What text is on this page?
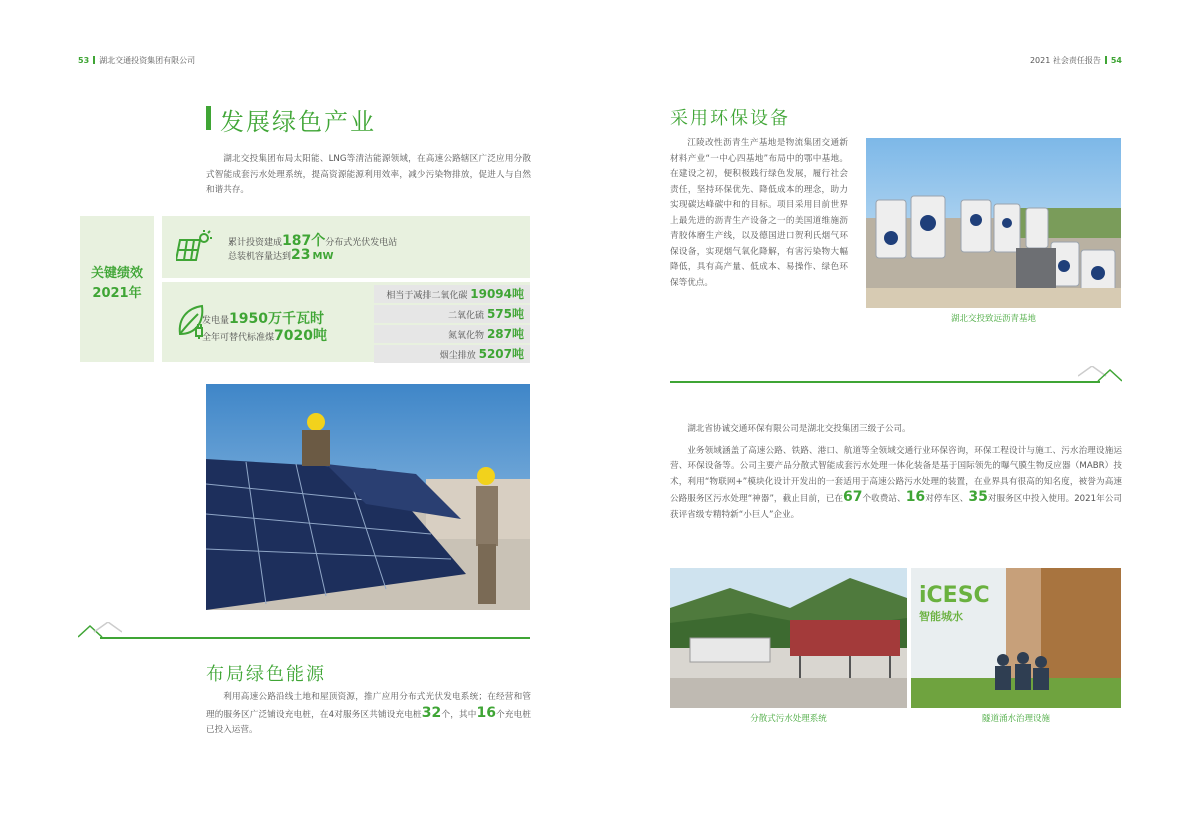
53 湖北交通投资集团有限公司	2021 社会责任报告 54
发展绿色产业

湖北交投集团布局太阳能、LNG等清洁能源领域，在高速公路辖区广泛应用分散式智能成套污水处理系统，提高资源能源利用效率，减少污染物排放，促进人与自然和谐共存。

关键绩效
2021年
累计投资建成187个分布式光伏发电站
总装机容量达到23 MW
发电量1950万千瓦时
全年可替代标准煤7020吨
相当于减排二氧化碳 19094吨
二氧化硫 575吨
氮氧化物 287吨
烟尘排放 5207吨
布局绿色能源

利用高速公路沿线土地和屋顶资源，推广应用分布式光伏发电系统；在经营和管理的服务区广泛铺设充电桩，在4对服务区共铺设充电桩32个，其中16个充电桩已投入运营。

采用环保设备

江陵改性沥青生产基地是物流集团交通新材料产业“一中心四基地”布局中的鄂中基地。在建设之初，便积极践行绿色发展，履行社会责任，坚持环保优先、降低成本的理念，助力实现碳达峰碳中和的目标。项目采用目前世界上最先进的沥青生产设备之一的美国道维施沥青胶体磨生产线，以及德国进口贺利氏烟气环保设备，实现烟气氧化降解，有害污染物大幅降低，具有高产量、低成本、易操作、绿色环保等优点。

湖北交投致远沥青基地

湖北省协诚交通环保有限公司是湖北交投集团三级子公司。

业务领域涵盖了高速公路、铁路、港口、航道等全领域交通行业环保咨询，环保工程设计与施工、污水治理设施运营、环保设备等。公司主要产品分散式智能成套污水处理一体化装备是基于国际领先的曝气膜生物反应器（MABR）技术，利用“物联网+”模块化设计开发出的一套适用于高速公路污水处理的装置，在业界具有很高的知名度，被誉为高速公路服务区污水处理“神器”，截止目前，已在67个收费站、16对停车区、35对服务区中投入使用。2021年公司获评省级专精特新“小巨人”企业。

分散式污水处理系统
iCESC
智能城水
隧道涌水治理设施
